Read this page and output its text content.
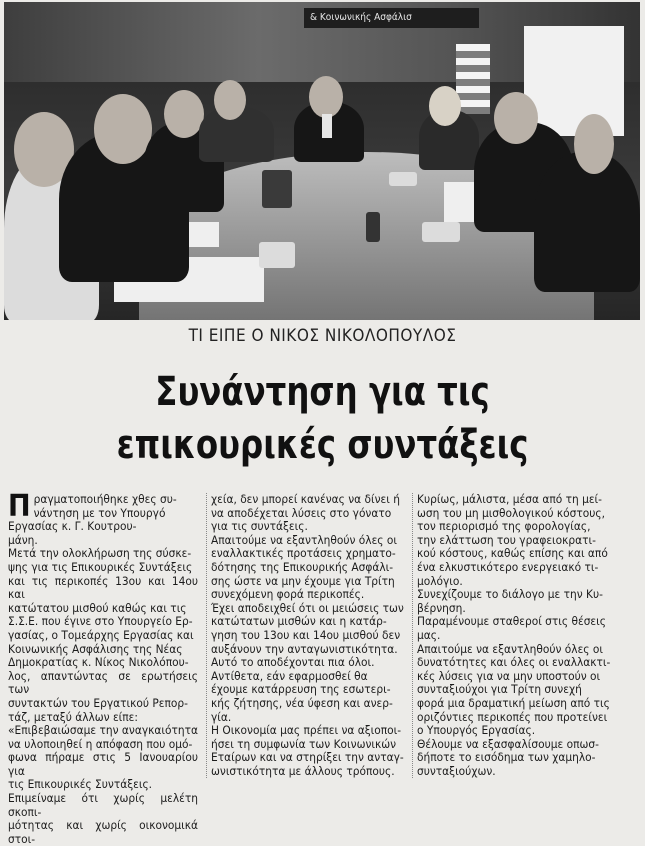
& Κοινωνικής Ασφάλισ
ΤΙ ΕΙΠΕ Ο ΝΙΚΟΣ ΝΙΚΟΛΟΠΟΥΛΟΣ
Συνάντηση για τις
επικουρικές συντάξεις
Πραγματοποιήθηκε χθες συ-
νάντηση με τον Υπουργό
Εργασίας κ. Γ. Κουτρου-
μάνη.
Μετά την ολοκλήρωση της σύσκε-
ψης για τις Επικουρικές Συντάξεις
και τις περικοπές 13ου και 14ου και
κατώτατου μισθού καθώς και τις
Σ.Σ.Ε. που έγινε στο Υπουργείο Ερ-
γασίας, ο Τομεάρχης Εργασίας και
Κοινωνικής Ασφάλισης της Νέας
Δημοκρατίας κ. Νίκος Νικολόπου-
λος, απαντώντας σε ερωτήσεις των
συντακτών του Εργατικού Ρεπορ-
τάζ, μεταξύ άλλων είπε:
«Επιβεβαιώσαμε την αναγκαιότητα
να υλοποιηθεί η απόφαση που ομό-
φωνα πήραμε στις 5 Ιανουαρίου για
τις Επικουρικές Συντάξεις.
Επιμείναμε ότι χωρίς μελέτη σκοπι-
μότητας και χωρίς οικονομικά στοι-
χεία, δεν μπορεί κανένας να δίνει ή
να αποδέχεται λύσεις στο γόνατο
για τις συντάξεις.
Απαιτούμε να εξαντληθούν όλες οι
εναλλακτικές προτάσεις χρηματο-
δότησης της Επικουρικής Ασφάλι-
σης ώστε να μην έχουμε για Τρίτη
συνεχόμενη φορά περικοπές.
Έχει αποδειχθεί ότι οι μειώσεις των
κατώτατων μισθών και η κατάρ-
γηση του 13ου και 14ου μισθού δεν
αυξάνουν την ανταγωνιστικότητα.
Αυτό το αποδέχονται πια όλοι.
Αντίθετα, εάν εφαρμοσθεί θα
έχουμε κατάρρευση της εσωτερι-
κής ζήτησης, νέα ύφεση και ανερ-
γία.
Η Οικονομία μας πρέπει να αξιοποι-
ήσει τη συμφωνία των Κοινωνικών
Εταίρων και να στηρίξει την ανταγ-
ωνιστικότητα με άλλους τρόπους.
Κυρίως, μάλιστα, μέσα από τη μεί-
ωση του μη μισθολογικού κόστους,
τον περιορισμό της φορολογίας,
την ελάττωση του γραφειοκρατι-
κού κόστους, καθώς επίσης και από
ένα ελκυστικότερο ενεργειακό τι-
μολόγιο.
Συνεχίζουμε το διάλογο με την Κυ-
βέρνηση.
Παραμένουμε σταθεροί στις θέσεις
μας.
Απαιτούμε να εξαντληθούν όλες οι
δυνατότητες και όλες οι εναλλακτι-
κές λύσεις για να μην υποστούν οι
συνταξιούχοι για Τρίτη συνεχή
φορά μια δραματική μείωση από τις
οριζόντιες περικοπές που προτείνει
ο Υπουργός Εργασίας.
Θέλουμε να εξασφαλίσουμε οπωσ-
δήποτε το εισόδημα των χαμηλο-
συνταξιούχων.
